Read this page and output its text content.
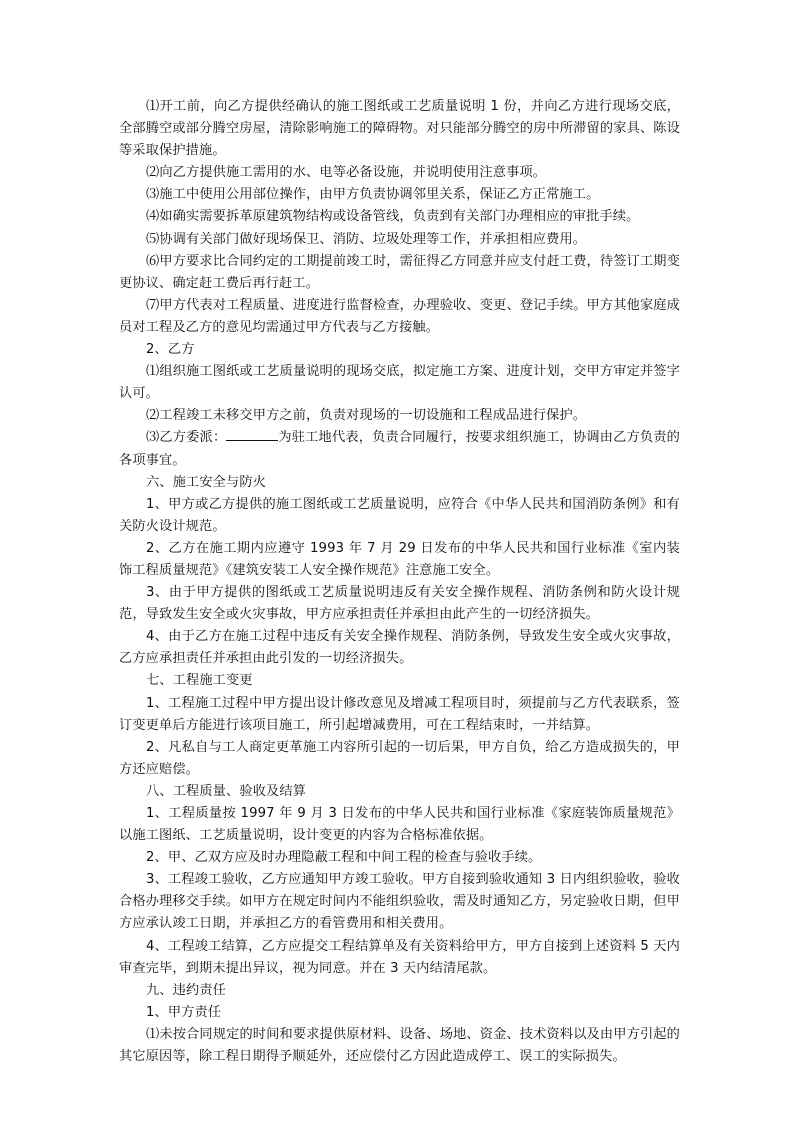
⑴开工前，向乙方提供经确认的施工图纸或工艺质量说明 1 份，并向乙方进行现场交底，全部腾空或部分腾空房屋，清除影响施工的障碍物。对只能部分腾空的房中所滞留的家具、陈设等采取保护措施。

⑵向乙方提供施工需用的水、电等必备设施，并说明使用注意事项。

⑶施工中使用公用部位操作，由甲方负责协调邻里关系，保证乙方正常施工。

⑷如确实需要拆革原建筑物结构或设备管线，负责到有关部门办理相应的审批手续。

⑸协调有关部门做好现场保卫、消防、垃圾处理等工作，并承担相应费用。

⑹甲方要求比合同约定的工期提前竣工时，需征得乙方同意并应支付赶工费，待签订工期变更协议、确定赶工费后再行赶工。

⑺甲方代表对工程质量、进度进行监督检查，办理验收、变更、登记手续。甲方其他家庭成员对工程及乙方的意见均需通过甲方代表与乙方接触。

2、乙方

⑴组织施工图纸或工艺质量说明的现场交底，拟定施工方案、进度计划，交甲方审定并签字认可。

⑵工程竣工未移交甲方之前，负责对现场的一切设施和工程成品进行保护。

⑶乙方委派：	为驻工地代表，负责合同履行，按要求组织施工，协调由乙方负责的各项事宜。

六、施工安全与防火

1、甲方或乙方提供的施工图纸或工艺质量说明，应符合《中华人民共和国消防条例》和有关防火设计规范。

2、乙方在施工期内应遵守 1993 年 7 月 29 日发布的中华人民共和国行业标准《室内装饰工程质量规范》《建筑安装工人安全操作规范》注意施工安全。

3、由于甲方提供的图纸或工艺质量说明违反有关安全操作规程、消防条例和防火设计规范，导致发生安全或火灾事故，甲方应承担责任并承担由此产生的一切经济损失。

4、由于乙方在施工过程中违反有关安全操作规程、消防条例，导致发生安全或火灾事故，乙方应承担责任并承担由此引发的一切经济损失。

七、工程施工变更

1、工程施工过程中甲方提出设计修改意见及增减工程项目时，须提前与乙方代表联系，签订变更单后方能进行该项目施工，所引起增减费用，可在工程结束时，一并结算。

2、凡私自与工人商定更革施工内容所引起的一切后果，甲方自负，给乙方造成损失的，甲方还应赔偿。

八、工程质量、验收及结算

1、工程质量按 1997 年 9 月 3 日发布的中华人民共和国行业标准《家庭装饰质量规范》以施工图纸、工艺质量说明，设计变更的内容为合格标准依据。

2、甲、乙双方应及时办理隐蔽工程和中间工程的检查与验收手续。

3、工程竣工验收，乙方应通知甲方竣工验收。甲方自接到验收通知 3 日内组织验收，验收合格办理移交手续。如甲方在规定时间内不能组织验收，需及时通知乙方，另定验收日期，但甲方应承认竣工日期，并承担乙方的看管费用和相关费用。

4、工程竣工结算，乙方应提交工程结算单及有关资料给甲方，甲方自接到上述资料 5 天内审查完毕，到期未提出异议，视为同意。并在 3 天内结清尾款。

九、违约责任

1、甲方责任

⑴未按合同规定的时间和要求提供原材料、设备、场地、资金、技术资料以及由甲方引起的其它原因等，除工程日期得予顺延外，还应偿付乙方因此造成停工、误工的实际损失。
